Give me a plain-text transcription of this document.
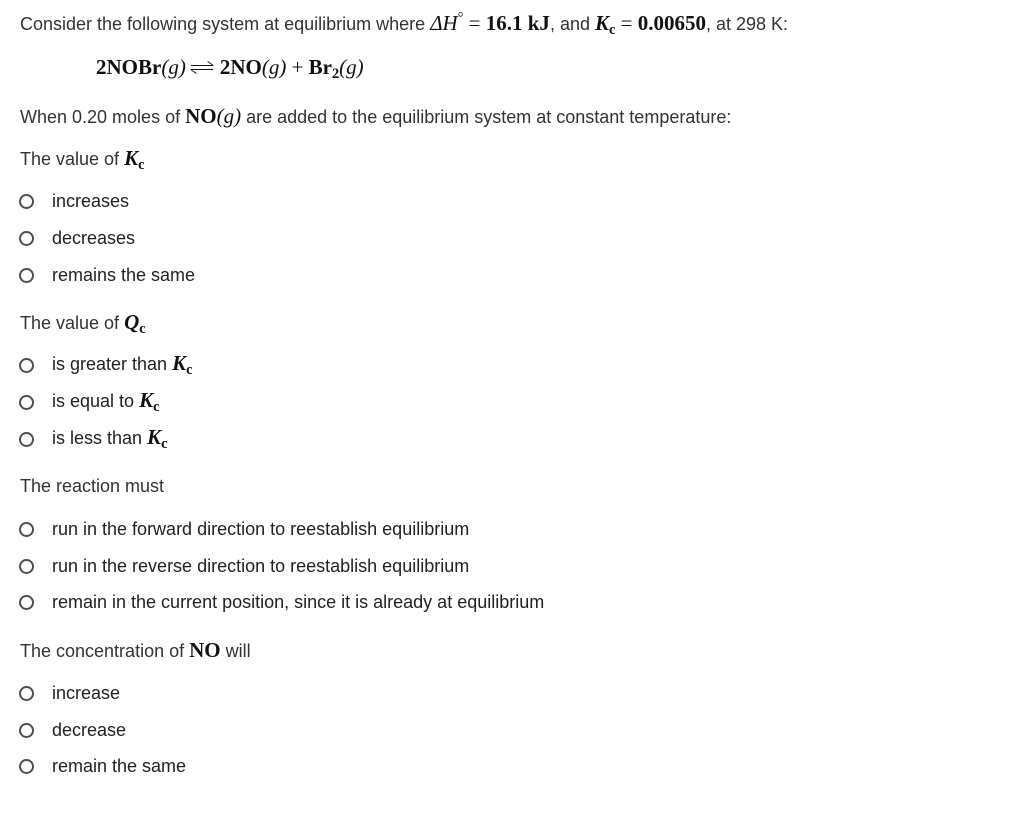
Consider the following system at equilibrium where ΔH° = 16.1 kJ, and $K_c = 0.00650$, at 298 K:
2NOBr(g) ⇌ $2NO(g) + Br_2(g)$
When 0.20 moles of NO(g) are added to the equilibrium system at constant temperature:
The value of $K_c$
increases
decreases
remains the same
The value of $Q_c$
is greater than $K_c$
is equal to $K_c$
is less than $K_c$
The reaction must
run in the forward direction to reestablish equilibrium
run in the reverse direction to reestablish equilibrium
remain in the current position, since it is already at equilibrium
The concentration of NO will
increase
decrease
remain the same
